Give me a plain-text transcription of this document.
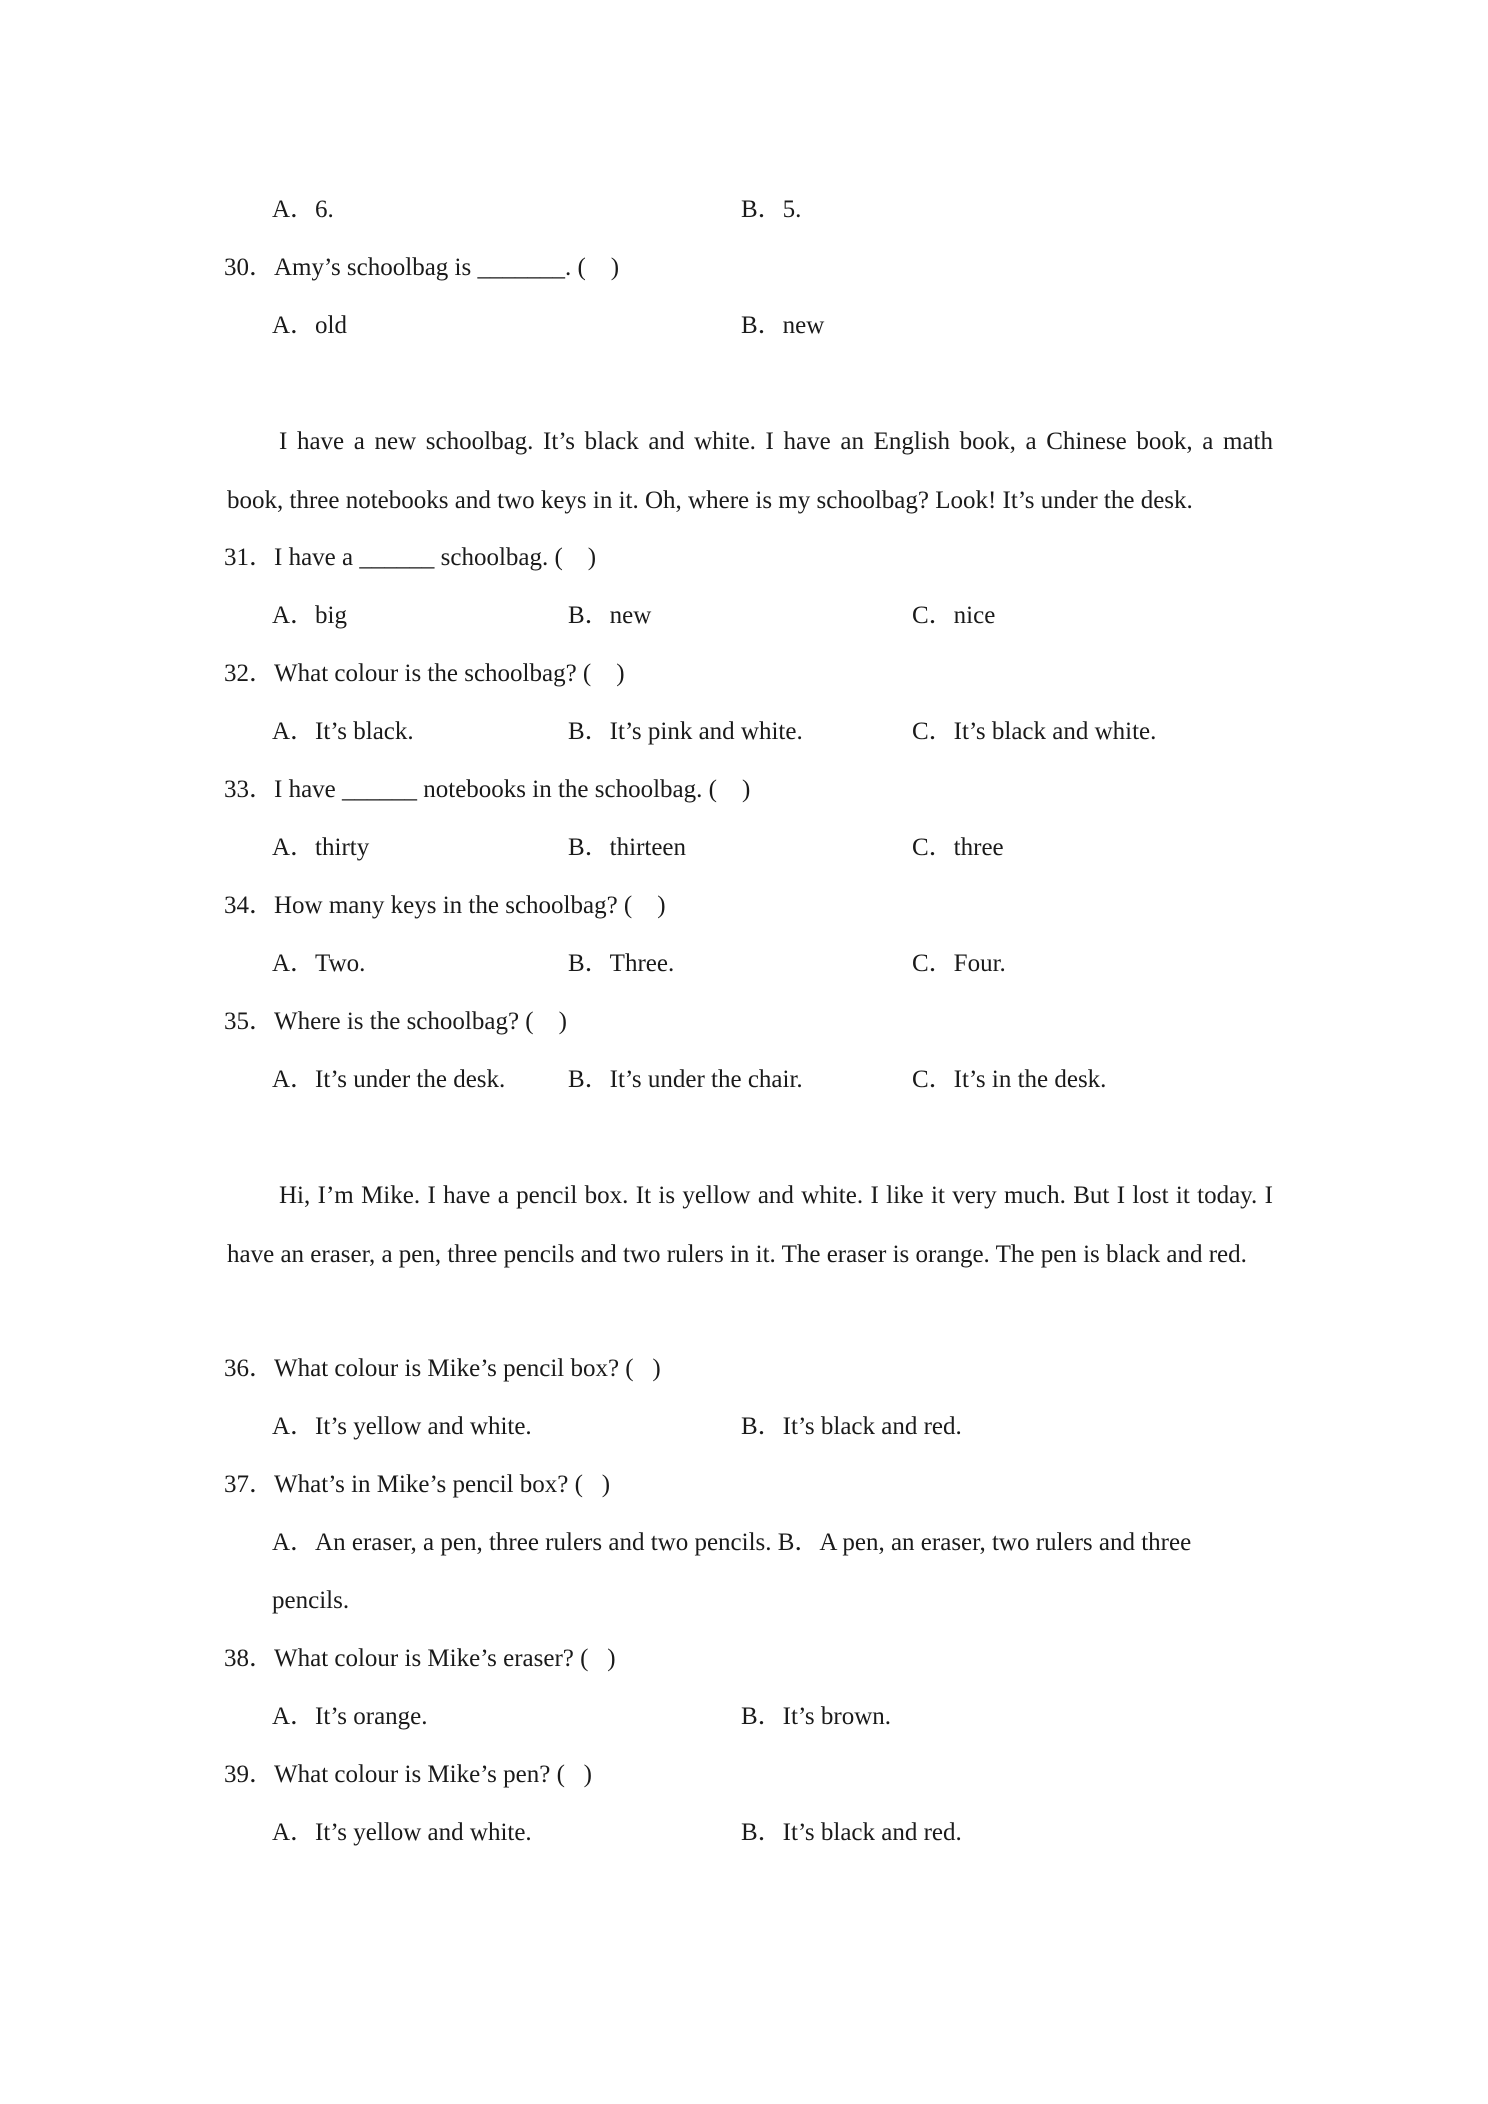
A．6.	B．5.
30．Amy’s schoolbag is _______. (    )
A．old	B．new
I have a new schoolbag. It’s black and white. I have an English book, a Chinese book, a math book, three notebooks and two keys in it. Oh, where is my schoolbag? Look! It’s under the desk.
31．I have a ______ schoolbag. (    )
A．big	B．new	C．nice
32．What colour is the schoolbag? (    )
A．It’s black.	B．It’s pink and white.	C．It’s black and white.
33．I have ______ notebooks in the schoolbag. (    )
A．thirty	B．thirteen	C．three
34．How many keys in the schoolbag? (    )
A．Two.	B．Three.	C．Four.
35．Where is the schoolbag? (    )
A．It’s under the desk.	B．It’s under the chair.	C．It’s in the desk.
Hi, I’m Mike. I have a pencil box. It is yellow and white. I like it very much. But I lost it today. I have an eraser, a pen, three pencils and two rulers in it. The eraser is orange. The pen is black and red.
36．What colour is Mike’s pencil box? (   )
A．It’s yellow and white.	B．It’s black and red.
37．What’s in Mike’s pencil box? (   )
A．An eraser, a pen, three rulers and two pencils. B．A pen, an eraser, two rulers and three
pencils.
38．What colour is Mike’s eraser? (   )
A．It’s orange.	B．It’s brown.
39．What colour is Mike’s pen? (   )
A．It’s yellow and white.	B．It’s black and red.
